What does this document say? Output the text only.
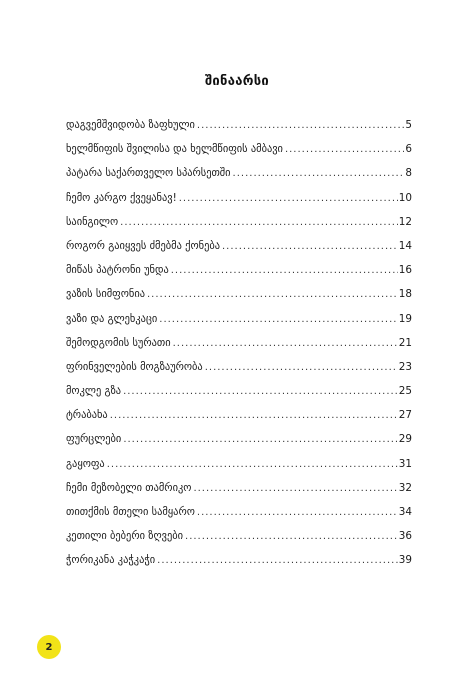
შინაარსი
დაგვემშვიდობა ზაფხული .....	5
ხელმწიფის შვილისა და ხელმწიფის ამბავი .....	6
პატარა საქართველო სპარსეთში .....	8
ჩემო კარგო ქვეყანავ! .....	10
საინგილო .....	12
როგორ გაიყვეს ძმებმა ქონება .....	14
მიწას პატრონი უნდა .....	16
ვაზის სიმფონია .....	18
ვაზი და გლეხკაცი .....	19
შემოდგომის სურათი .....	21
ფრინველების მოგზაურობა .....	23
მოკლე გზა .....	25
ტრაბახა .....	27
ფურცლები .....	29
გაყოფა .....	31
ჩემი მეზობელი თამრიკო .....	32
თითქმის მთელი სამყარო .....	34
კეთილი ბებერი ზღვები .....	36
ჭორიკანა კაჭკაჭი .....	39
2
